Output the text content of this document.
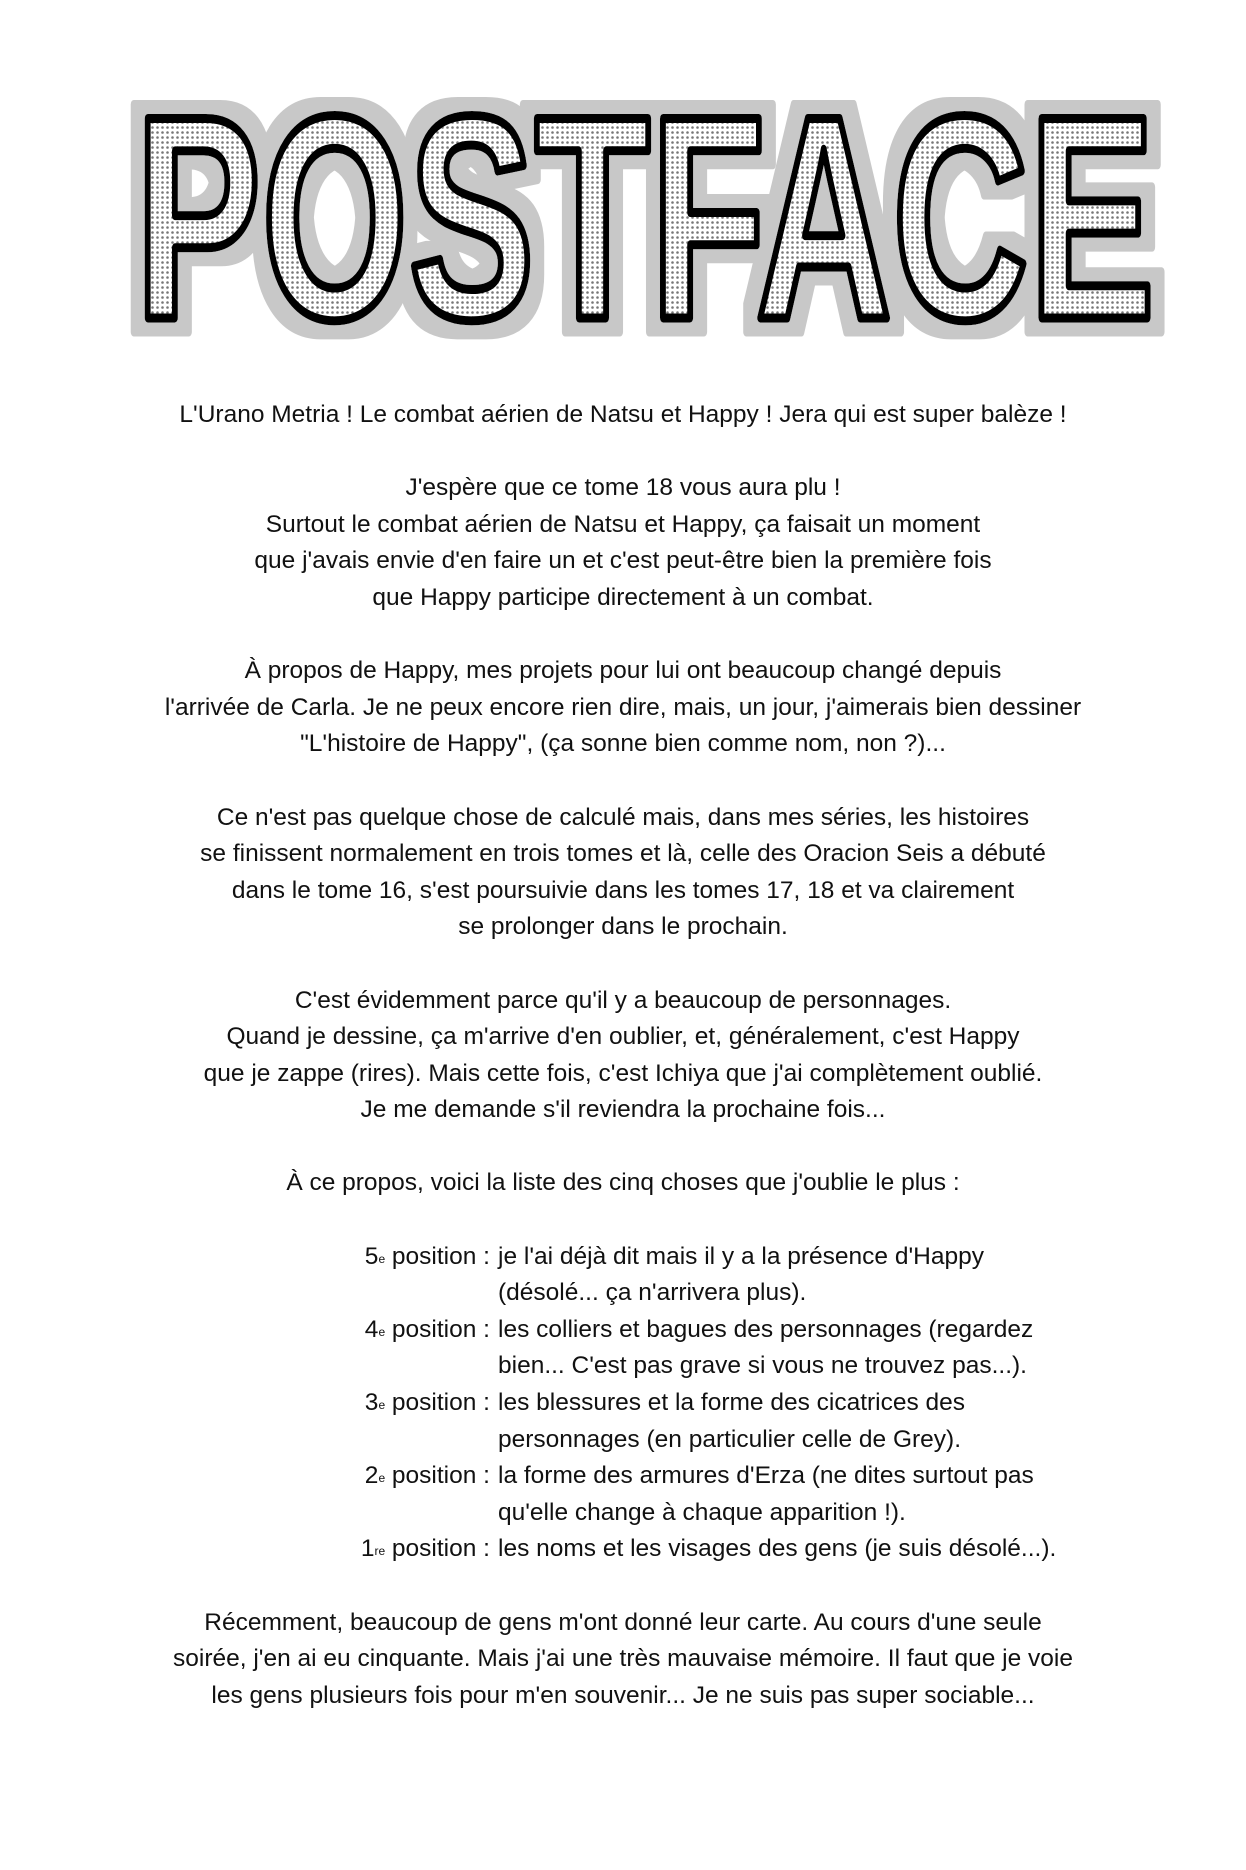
POSTFACE
L'Urano Metria ! Le combat aérien de Natsu et Happy ! Jera qui est super balèze !
J'espère que ce tome 18 vous aura plu !
Surtout le combat aérien de Natsu et Happy, ça faisait un moment
que j'avais envie d'en faire un et c'est peut-être bien la première fois
que Happy participe directement à un combat.
À propos de Happy, mes projets pour lui ont beaucoup changé depuis
l'arrivée de Carla. Je ne peux encore rien dire, mais, un jour, j'aimerais bien dessiner
"L'histoire de Happy", (ça sonne bien comme nom, non ?)...
Ce n'est pas quelque chose de calculé mais, dans mes séries, les histoires
se finissent normalement en trois tomes et là, celle des Oracion Seis a débuté
dans le tome 16, s'est poursuivie dans les tomes 17, 18 et va clairement
se prolonger dans le prochain.
C'est évidemment parce qu'il y a beaucoup de personnages.
Quand je dessine, ça m'arrive d'en oublier, et, généralement, c'est Happy
que je zappe (rires). Mais cette fois, c'est Ichiya que j'ai complètement oublié.
Je me demande s'il reviendra la prochaine fois...
À ce propos, voici la liste des cinq choses que j'oublie le plus :
5e position : je l'ai déjà dit mais il y a la présence d'Happy
(désolé... ça n'arrivera plus).
4e position : les colliers et bagues des personnages (regardez
bien... C'est pas grave si vous ne trouvez pas...).
3e position : les blessures et la forme des cicatrices des
personnages (en particulier celle de Grey).
2e position : la forme des armures d'Erza (ne dites surtout pas
qu'elle change à chaque apparition !).
1re position : les noms et les visages des gens (je suis désolé...).
Récemment, beaucoup de gens m'ont donné leur carte. Au cours d'une seule
soirée, j'en ai eu cinquante. Mais j'ai une très mauvaise mémoire. Il faut que je voie
les gens plusieurs fois pour m'en souvenir... Je ne suis pas super sociable...
